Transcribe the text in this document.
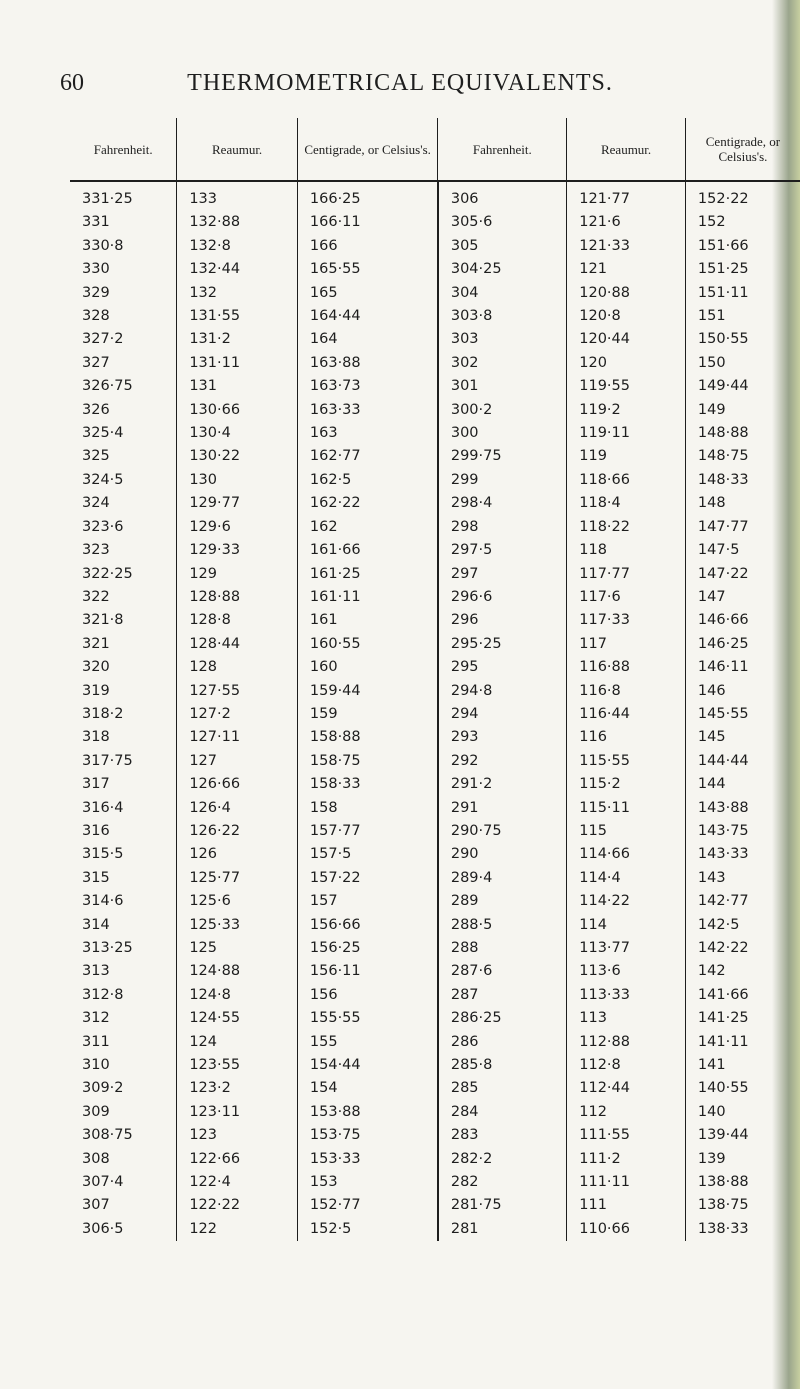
60	THERMOMETRICAL EQUIVALENTS.
Fahrenheit.	Reaumur.	Centigrade, or Celsius's.	Fahrenheit.	Reaumur.	Centigrade, or Celsius's.
331·25	133	166·25	306	121·77	152·22
331	132·88	166·11	305·6	121·6	152
330·8	132·8	166	305	121·33	151·66
330	132·44	165·55	304·25	121	151·25
329	132	165	304	120·88	151·11
328	131·55	164·44	303·8	120·8	151
327·2	131·2	164	303	120·44	150·55
327	131·11	163·88	302	120	150
326·75	131	163·73	301	119·55	149·44
326	130·66	163·33	300·2	119·2	149
325·4	130·4	163	300	119·11	148·88
325	130·22	162·77	299·75	119	148·75
324·5	130	162·5	299	118·66	148·33
324	129·77	162·22	298·4	118·4	148
323·6	129·6	162	298	118·22	147·77
323	129·33	161·66	297·5	118	147·5
322·25	129	161·25	297	117·77	147·22
322	128·88	161·11	296·6	117·6	147
321·8	128·8	161	296	117·33	146·66
321	128·44	160·55	295·25	117	146·25
320	128	160	295	116·88	146·11
319	127·55	159·44	294·8	116·8	146
318·2	127·2	159	294	116·44	145·55
318	127·11	158·88	293	116	145
317·75	127	158·75	292	115·55	144·44
317	126·66	158·33	291·2	115·2	144
316·4	126·4	158	291	115·11	143·88
316	126·22	157·77	290·75	115	143·75
315·5	126	157·5	290	114·66	143·33
315	125·77	157·22	289·4	114·4	143
314·6	125·6	157	289	114·22	142·77
314	125·33	156·66	288·5	114	142·5
313·25	125	156·25	288	113·77	142·22
313	124·88	156·11	287·6	113·6	142
312·8	124·8	156	287	113·33	141·66
312	124·55	155·55	286·25	113	141·25
311	124	155	286	112·88	141·11
310	123·55	154·44	285·8	112·8	141
309·2	123·2	154	285	112·44	140·55
309	123·11	153·88	284	112	140
308·75	123	153·75	283	111·55	139·44
308	122·66	153·33	282·2	111·2	139
307·4	122·4	153	282	111·11	138·88
307	122·22	152·77	281·75	111	138·75
306·5	122	152·5	281	110·66	138·33
